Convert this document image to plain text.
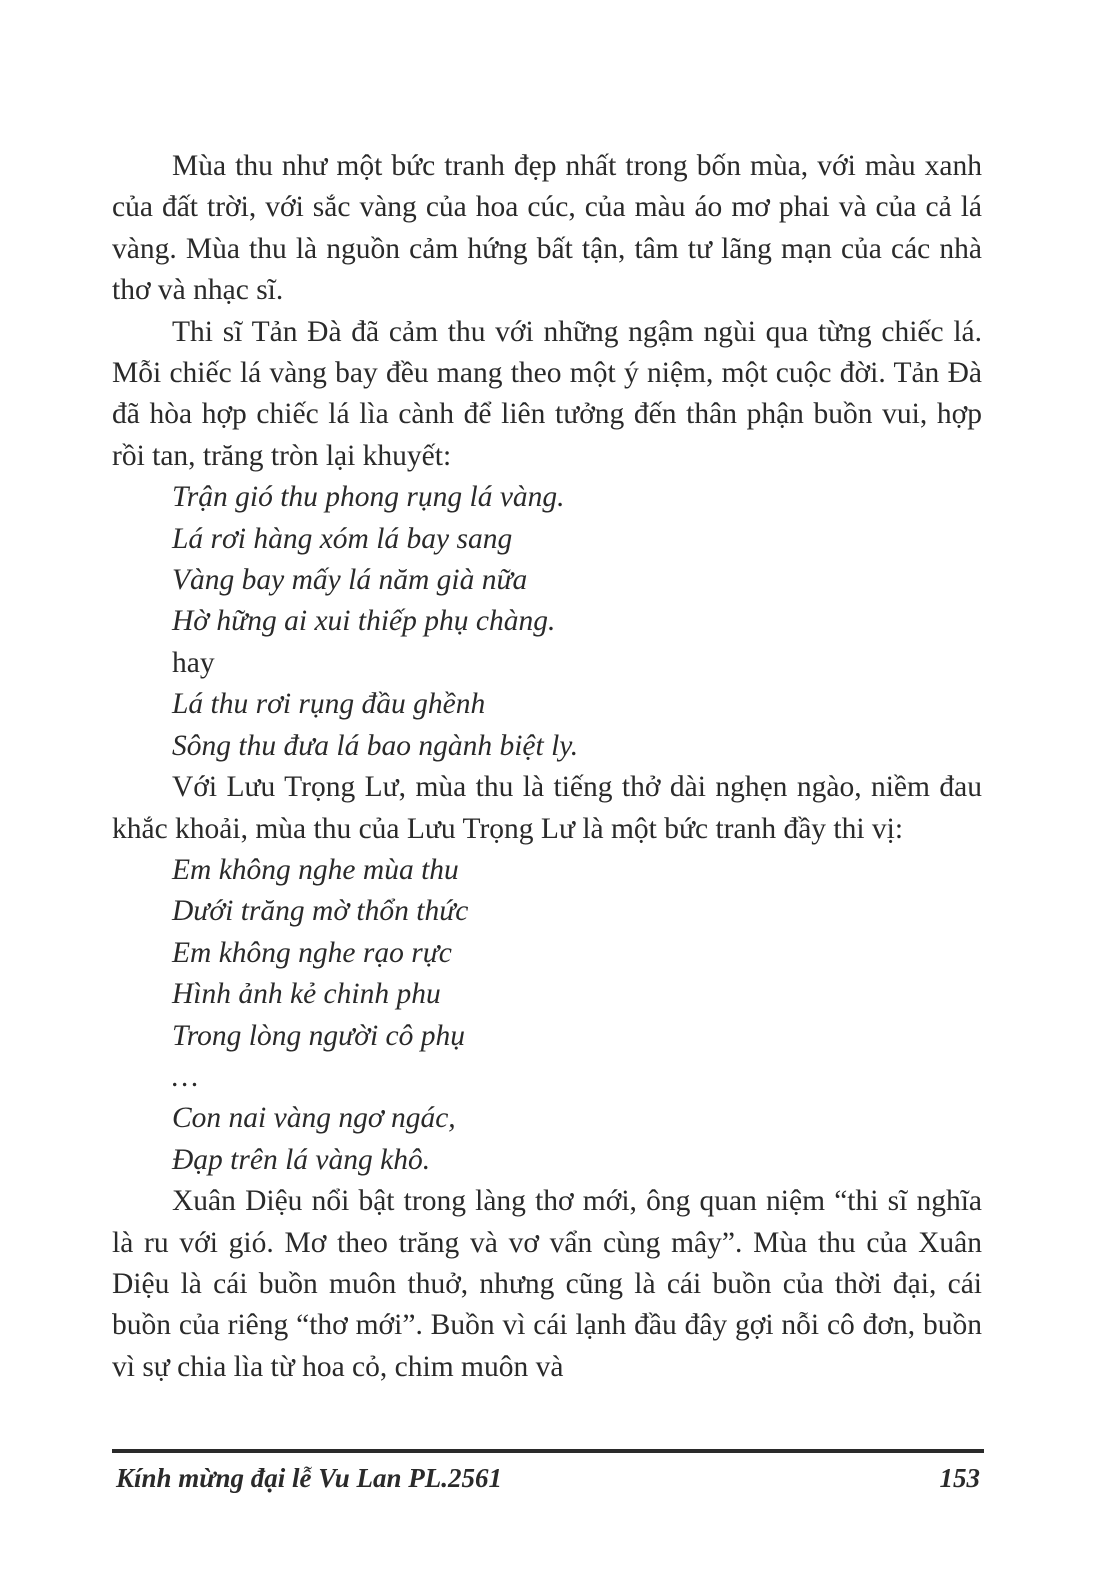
Mùa thu như một bức tranh đẹp nhất trong bốn mùa, với màu xanh của đất trời, với sắc vàng của hoa cúc, của màu áo mơ phai và của cả lá vàng. Mùa thu là nguồn cảm hứng bất tận, tâm tư lãng mạn của các nhà thơ và nhạc sĩ.

Thi sĩ Tản Đà đã cảm thu với những ngậm ngùi qua từng chiếc lá. Mỗi chiếc lá vàng bay đều mang theo một ý niệm, một cuộc đời. Tản Đà đã hòa hợp chiếc lá lìa cành để liên tưởng đến thân phận buồn vui, hợp rồi tan, trăng tròn lại khuyết:

Trận gió thu phong rụng lá vàng.
Lá rơi hàng xóm lá bay sang
Vàng bay mấy lá năm già nữa
Hờ hững ai xui thiếp phụ chàng.
hay
Lá thu rơi rụng đầu ghềnh
Sông thu đưa lá bao ngành biệt ly.

Với Lưu Trọng Lư, mùa thu là tiếng thở dài nghẹn ngào, niềm đau khắc khoải, mùa thu của Lưu Trọng Lư là một bức tranh đầy thi vị:

Em không nghe mùa thu
Dưới trăng mờ thổn thức
Em không nghe rạo rực
Hình ảnh kẻ chinh phu
Trong lòng người cô phụ
…
Con nai vàng ngơ ngác,
Đạp trên lá vàng khô.

Xuân Diệu nổi bật trong làng thơ mới, ông quan niệm “thi sĩ nghĩa là ru với gió. Mơ theo trăng và vơ vẩn cùng mây”. Mùa thu của Xuân Diệu là cái buồn muôn thuở, nhưng cũng là cái buồn của thời đại, cái buồn của riêng “thơ mới”. Buồn vì cái lạnh đầu đây gợi nỗi cô đơn, buồn vì sự chia lìa từ hoa cỏ, chim muôn và

Kính mừng đại lễ Vu Lan PL.2561	153
